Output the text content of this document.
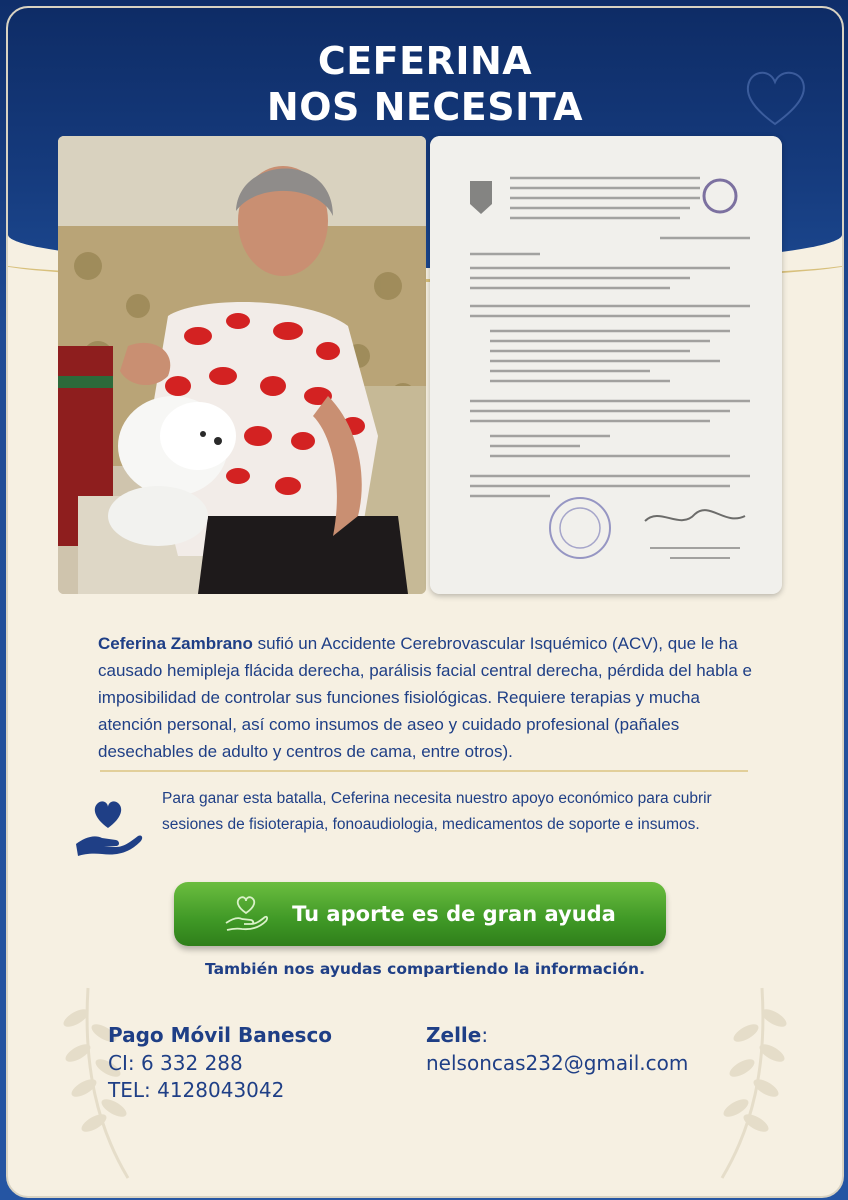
CEFERINA
NOS NECESITA
Ceferina Zambrano sufió un Accidente Cerebrovascular Isquémico (ACV), que le ha causado hemipleja flácida derecha, parálisis facial central derecha, pérdida del habla e imposibilidad de controlar sus funciones fisiológicas. Requiere terapias y mucha atención personal, así como insumos de aseo y cuidado profesional (pañales desechables de adulto y centros de cama, entre otros).
Para ganar esta batalla, Ceferina necesita nuestro apoyo económico para cubrir sesiones de fisioterapia, fonoaudiologia, medicamentos de soporte e insumos.
Tu aporte es de gran ayuda
También nos ayudas compartiendo la información.
Pago Móvil Banesco
CI: 6 332 288
TEL: 4128043042
Zelle:
nelsoncas232@gmail.com
